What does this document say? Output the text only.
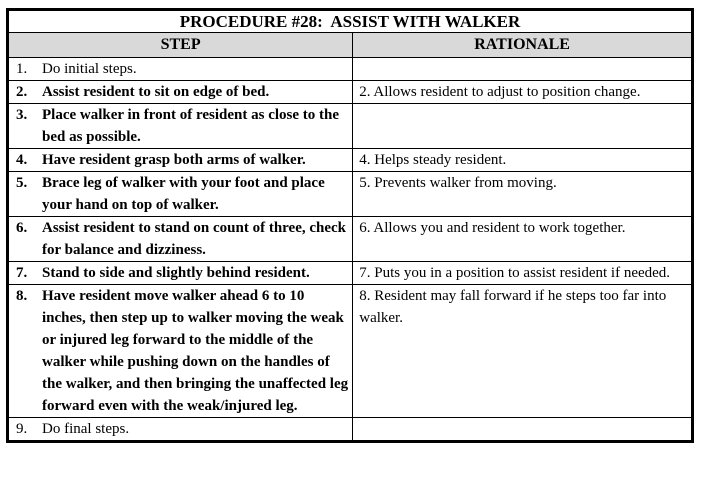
PROCEDURE #28:  ASSIST WITH WALKER	
STEP	RATIONALE

1. Do initial steps.	

2. Assist resident to sit on edge of bed.	2. Allows resident to adjust to position change.

3. Place walker in front of resident as close to the bed as possible.	

4. Have resident grasp both arms of walker.	4. Helps steady resident.

5. Brace leg of walker with your foot and place your hand on top of walker.	5. Prevents walker from moving.

6. Assist resident to stand on count of three, check for balance and dizziness.	6. Allows you and resident to work together.

7. Stand to side and slightly behind resident.	7. Puts you in a position to assist resident if needed.

8. Have resident move walker ahead 6 to 10 inches, then step up to walker moving the weak or injured leg forward to the middle of the walker while pushing down on the handles of the walker, and then bringing the unaffected leg forward even with the weak/injured leg.	8. Resident may fall forward if he steps too far into walker.

9. Do final steps.	
